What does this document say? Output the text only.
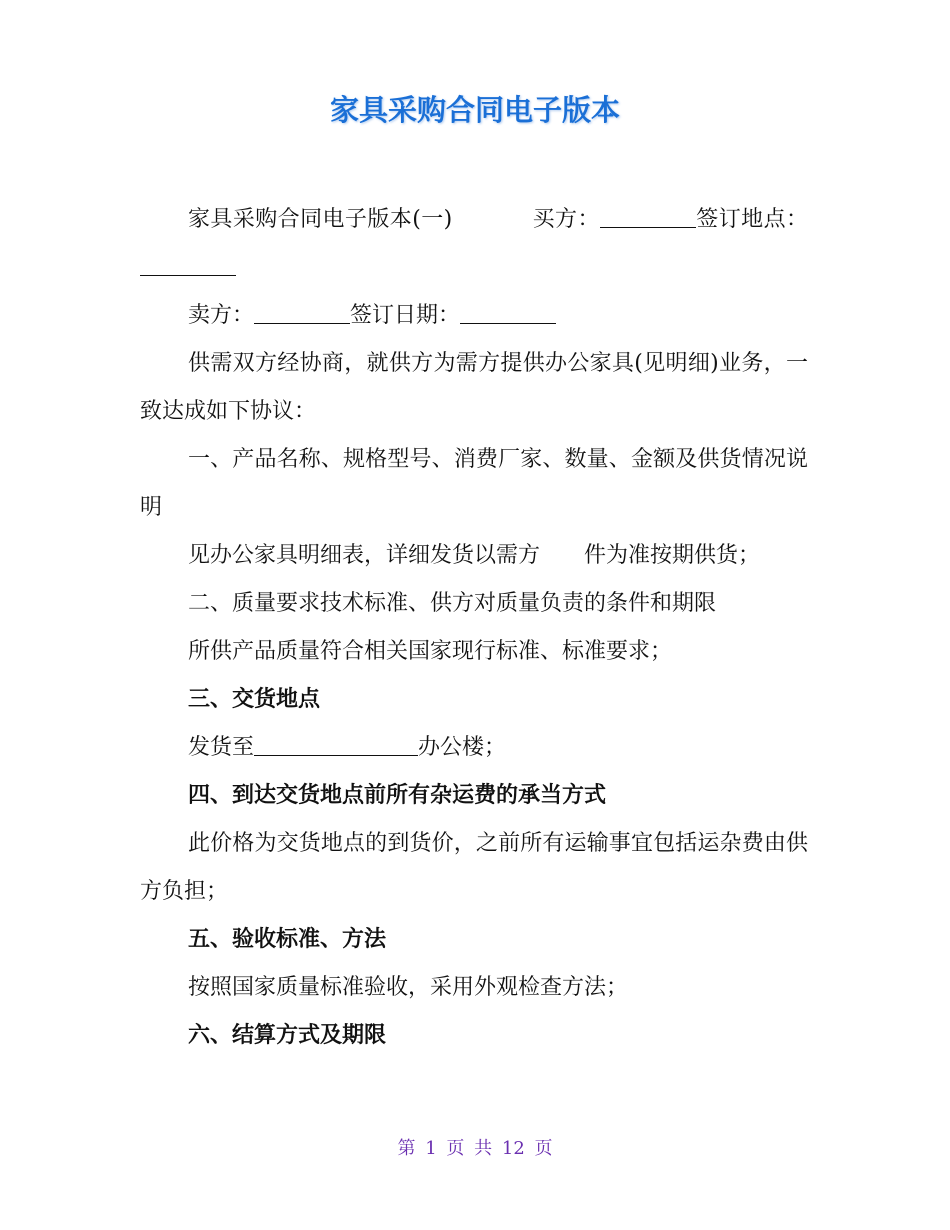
家具采购合同电子版本

家具采购合同电子版本(一)	买方：	签订地点：

卖方：	签订日期：

供需双方经协商，就供方为需方提供办公家具(见明细)业务，一致达成如下协议：

一、产品名称、规格型号、消费厂家、数量、金额及供货情况说明

见办公家具明细表，详细发货以需方 件为准按期供货；

二、质量要求技术标准、供方对质量负责的条件和期限

所供产品质量符合相关国家现行标准、标准要求；

三、交货地点

发货至	办公楼；

四、到达交货地点前所有杂运费的承当方式

此价格为交货地点的到货价，之前所有运输事宜包括运杂费由供方负担；

五、验收标准、方法

按照国家质量标准验收，采用外观检查方法；

六、结算方式及期限

第 1 页 共 12 页
